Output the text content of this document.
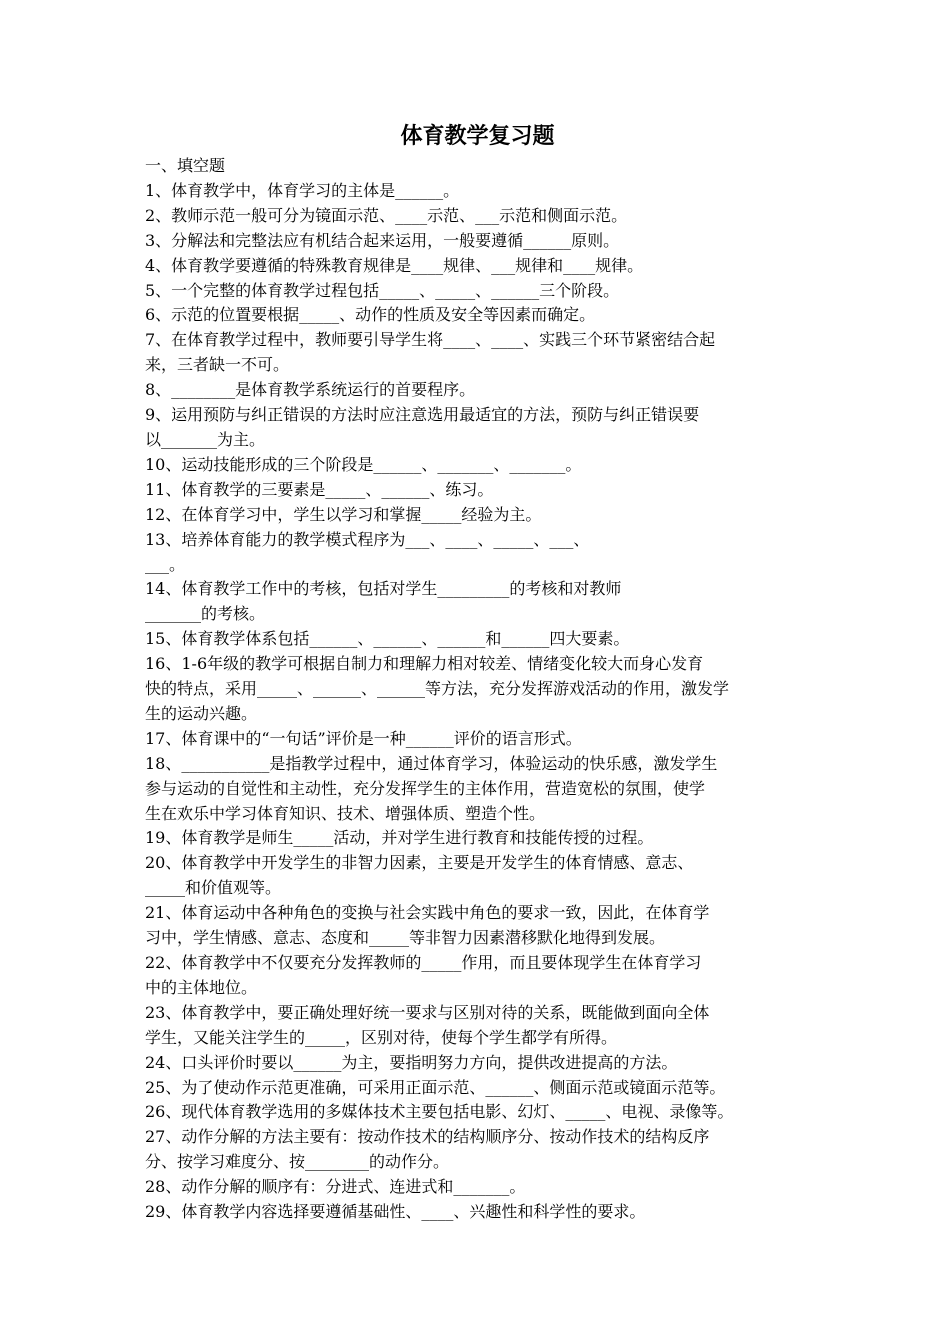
体育教学复习题

一、填空题

1、体育教学中，体育学习的主体是______。

2、教师示范一般可分为镜面示范、____示范、___示范和侧面示范。

3、分解法和完整法应有机结合起来运用，一般要遵循______原则。

4、体育教学要遵循的特殊教育规律是____规律、___规律和____规律。

5、一个完整的体育教学过程包括_____、_____、______三个阶段。

6、示范的位置要根据_____、动作的性质及安全等因素而确定。

7、在体育教学过程中，教师要引导学生将____、____、实践三个环节紧密结合起

来，三者缺一不可。

8、________是体育教学系统运行的首要程序。

9、运用预防与纠正错误的方法时应注意选用最适宜的方法，预防与纠正错误要

以_______为主。

10、运动技能形成的三个阶段是______、_______、_______。

11、体育教学的三要素是_____、______、练习。

12、在体育学习中，学生以学习和掌握_____经验为主。

13、培养体育能力的教学模式程序为___、____、_____、___、

___。

14、体育教学工作中的考核，包括对学生_________的考核和对教师

_______的考核。

15、体育教学体系包括______、______、______和______四大要素。

16、1-6年级的教学可根据自制力和理解力相对较差、情绪变化较大而身心发育

快的特点，采用_____、______、______等方法，充分发挥游戏活动的作用，激发学

生的运动兴趣。

17、体育课中的“一句话”评价是一种______评价的语言形式。

18、___________是指教学过程中，通过体育学习，体验运动的快乐感，激发学生

参与运动的自觉性和主动性，充分发挥学生的主体作用，营造宽松的氛围，使学

生在欢乐中学习体育知识、技术、增强体质、塑造个性。

19、体育教学是师生_____活动，并对学生进行教育和技能传授的过程。

20、体育教学中开发学生的非智力因素，主要是开发学生的体育情感、意志、

_____和价值观等。

21、体育运动中各种角色的变换与社会实践中角色的要求一致，因此，在体育学

习中，学生情感、意志、态度和_____等非智力因素潜移默化地得到发展。

22、体育教学中不仅要充分发挥教师的_____作用，而且要体现学生在体育学习

中的主体地位。

23、体育教学中，要正确处理好统一要求与区别对待的关系，既能做到面向全体

学生，又能关注学生的_____，区别对待，使每个学生都学有所得。

24、口头评价时要以______为主，要指明努力方向，提供改进提高的方法。

25、为了使动作示范更准确，可采用正面示范、______、侧面示范或镜面示范等。

26、现代体育教学选用的多媒体技术主要包括电影、幻灯、_____、电视、录像等。

27、动作分解的方法主要有：按动作技术的结构顺序分、按动作技术的结构反序

分、按学习难度分、按________的动作分。

28、动作分解的顺序有：分进式、连进式和_______。

29、体育教学内容选择要遵循基础性、____、兴趣性和科学性的要求。
